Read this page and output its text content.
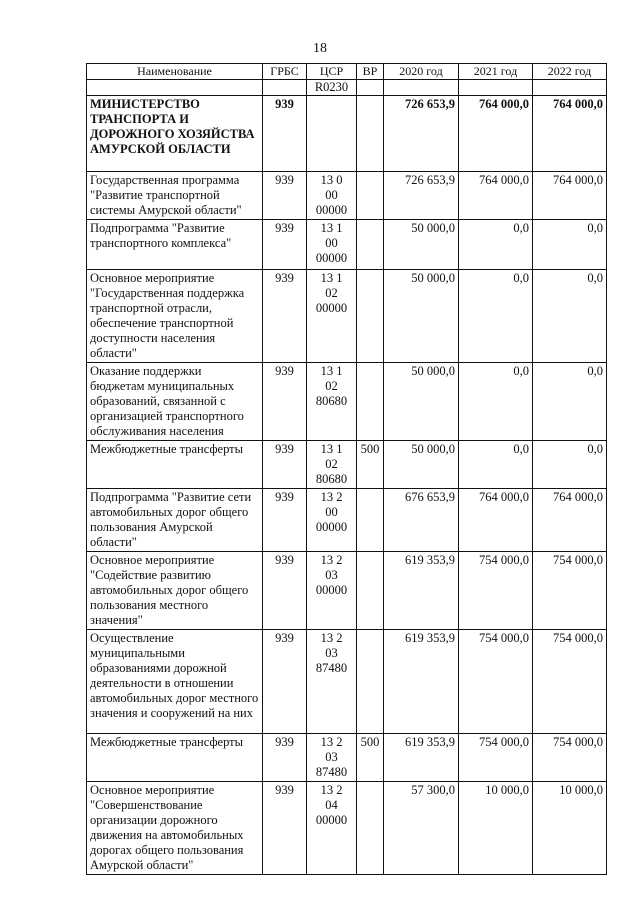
18
Наименование	ГРБС	ЦСР	ВР	2020 год	2021 год	2022 год
		R0230				
МИНИСТЕРСТВО ТРАНСПОРТА И ДОРОЖНОГО ХОЗЯЙСТВА АМУРСКОЙ ОБЛАСТИ	939			726 653,9	764 000,0	764 000,0
Государственная программа "Развитие транспортной системы Амурской области"	939	13 0
00
00000		726 653,9	764 000,0	764 000,0
Подпрограмма "Развитие транспортного комплекса"	939	13 1
00
00000		50 000,0	0,0	0,0
Основное мероприятие "Государственная поддержка транспортной отрасли, обеспечение транспортной доступности населения области"	939	13 1
02
00000		50 000,0	0,0	0,0
Оказание поддержки бюджетам муниципальных образований, связанной с организацией транспортного обслуживания населения	939	13 1
02
80680		50 000,0	0,0	0,0
Межбюджетные трансферты	939	13 1
02
80680	500	50 000,0	0,0	0,0
Подпрограмма "Развитие сети автомобильных дорог общего пользования Амурской области"	939	13 2
00
00000		676 653,9	764 000,0	764 000,0
Основное мероприятие "Содействие развитию автомобильных дорог общего пользования местного значения"	939	13 2
03
00000		619 353,9	754 000,0	754 000,0
Осуществление муниципальными образованиями дорожной деятельности в отношении автомобильных дорог местного значения и сооружений на них	939	13 2
03
87480		619 353,9	754 000,0	754 000,0
Межбюджетные трансферты	939	13 2
03
87480	500	619 353,9	754 000,0	754 000,0
Основное мероприятие "Совершенствование организации дорожного движения на автомобильных дорогах общего пользования Амурской области"	939	13 2
04
00000		57 300,0	10 000,0	10 000,0
